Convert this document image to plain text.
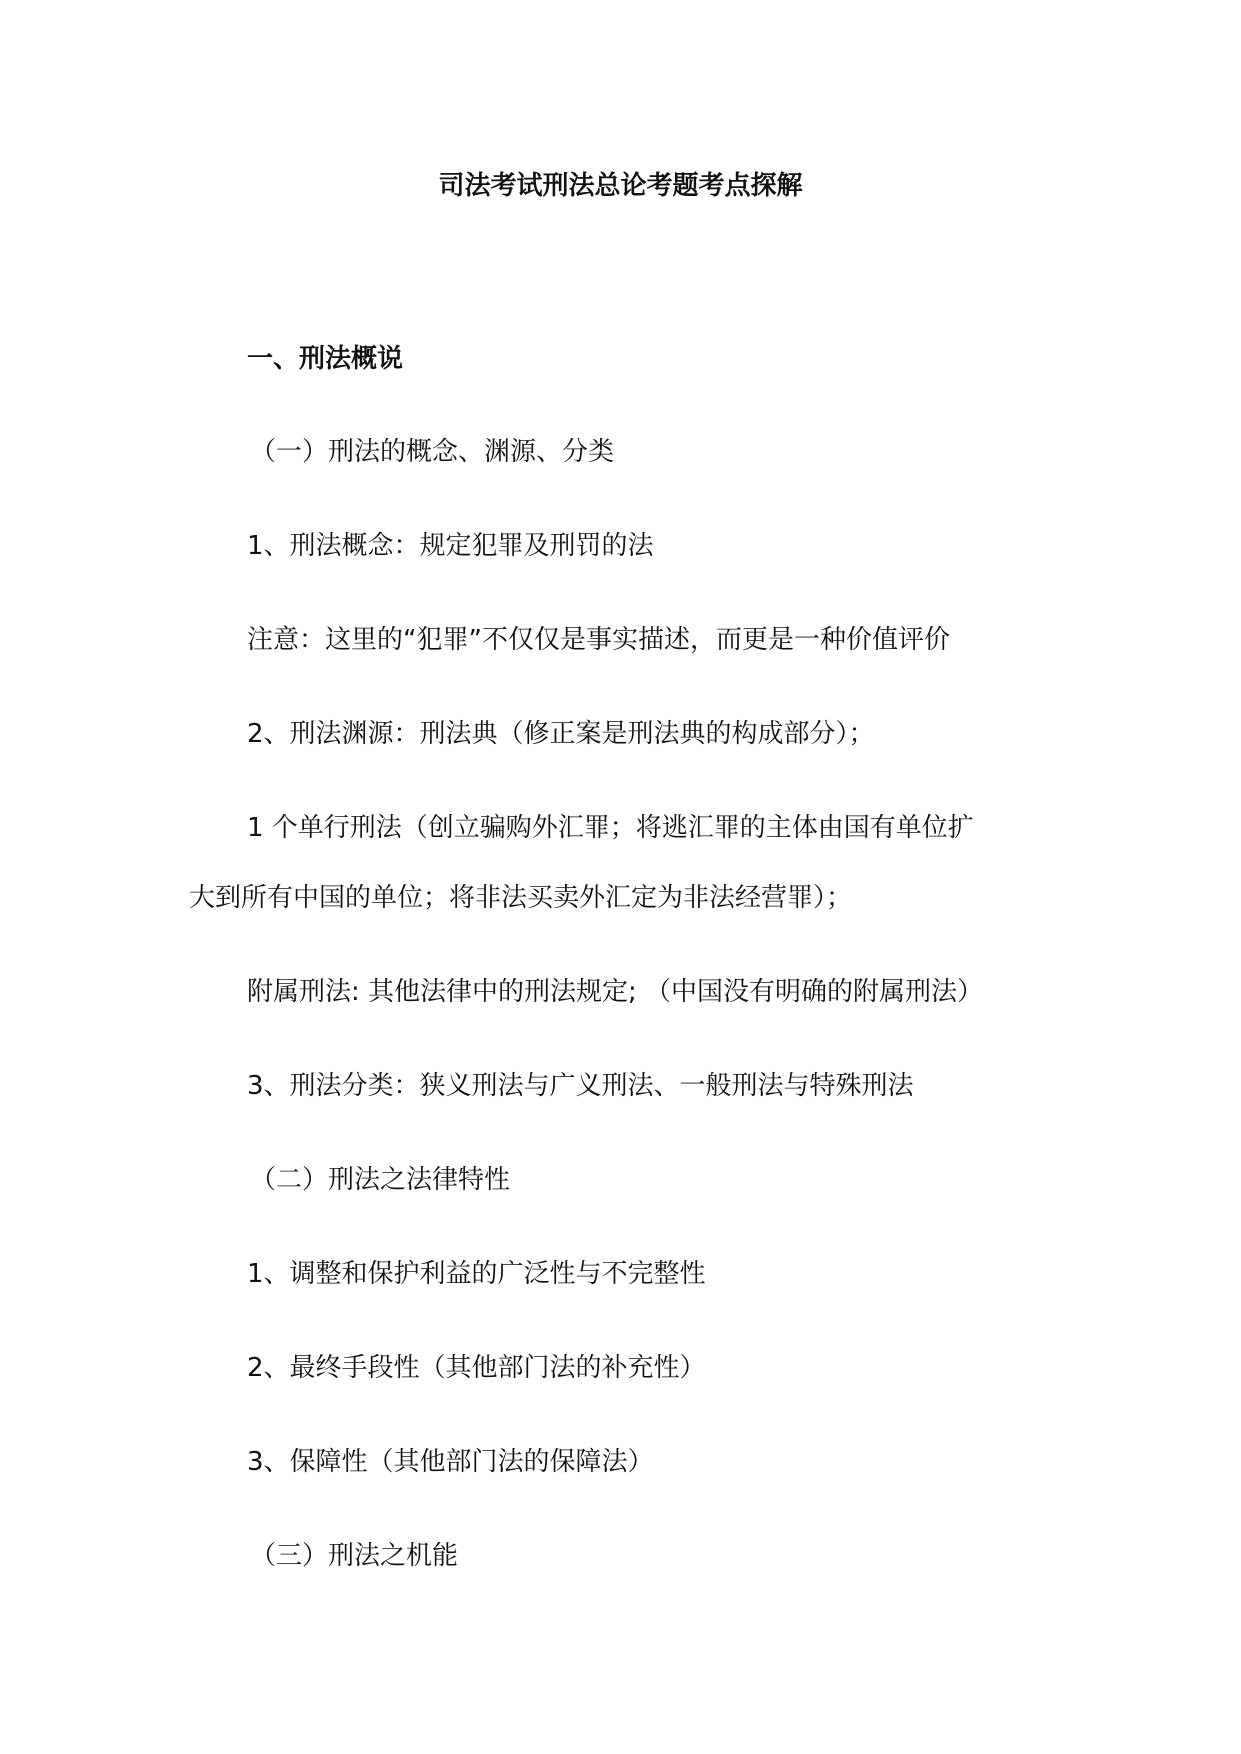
司法考试刑法总论考题考点探解
一、刑法概说
（一）刑法的概念、渊源、分类
1、刑法概念：规定犯罪及刑罚的法
注意：这里的“犯罪”不仅仅是事实描述，而更是一种价值评价
2、刑法渊源：刑法典（修正案是刑法典的构成部分）；
1 个单行刑法（创立骗购外汇罪；将逃汇罪的主体由国有单位扩
大到所有中国的单位；将非法买卖外汇定为非法经营罪）；
附属刑法: 其他法律中的刑法规定; （中国没有明确的附属刑法）
3、刑法分类：狭义刑法与广义刑法、一般刑法与特殊刑法
（二）刑法之法律特性
1、调整和保护利益的广泛性与不完整性
2、最终手段性（其他部门法的补充性）
3、保障性（其他部门法的保障法）
（三）刑法之机能
